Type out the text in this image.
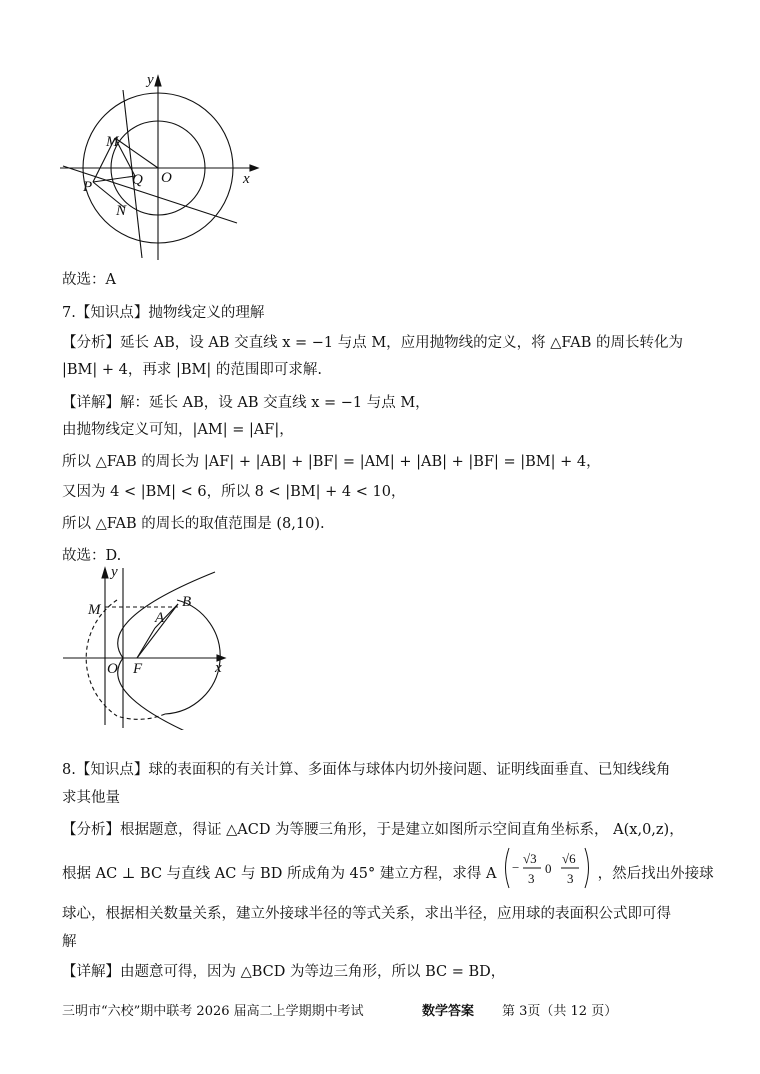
y
x
M
P	Q O
N
故选：A
7.【知识点】抛物线定义的理解
【分析】延长 AB，设 AB 交直线 x = −1 与点 M，应用抛物线的定义，将 △FAB 的周长转化为
|BM| + 4，再求 |BM| 的范围即可求解.
【详解】解：延长 AB，设 AB 交直线 x = −1 与点 M，
由抛物线定义可知，|AM| = |AF|，
所以 △FAB 的周长为 |AF| + |AB| + |BF| = |AM| + |AB| + |BF| = |BM| + 4，
又因为 4 < |BM| < 6，所以 8 < |BM| + 4 < 10，
所以 △FAB 的周长的取值范围是 (8,10).
故选：D.
y
M	B
A
O F	x
8.【知识点】球的表面积的有关计算、多面体与球体内切外接问题、证明线面垂直、已知线线角
求其他量
【分析】根据题意，得证 △ACD 为等腰三角形，于是建立如图所示空间直角坐标系， A(x,0,z)，
根据 AC ⊥ BC 与直线 AC 与 BD 所成角为 45° 建立方程，求得 A −
√3
3
0
√6
3 ，然后找出外接球
球心，根据相关数量关系，建立外接球半径的等式关系，求出半径，应用球的表面积公式即可得
解
【详解】由题意可得，因为 △BCD 为等边三角形，所以 BC = BD，
三明市“六校”期中联考 2026 届高二上学期期中考试	数学答案 第 3页（共 12 页）
